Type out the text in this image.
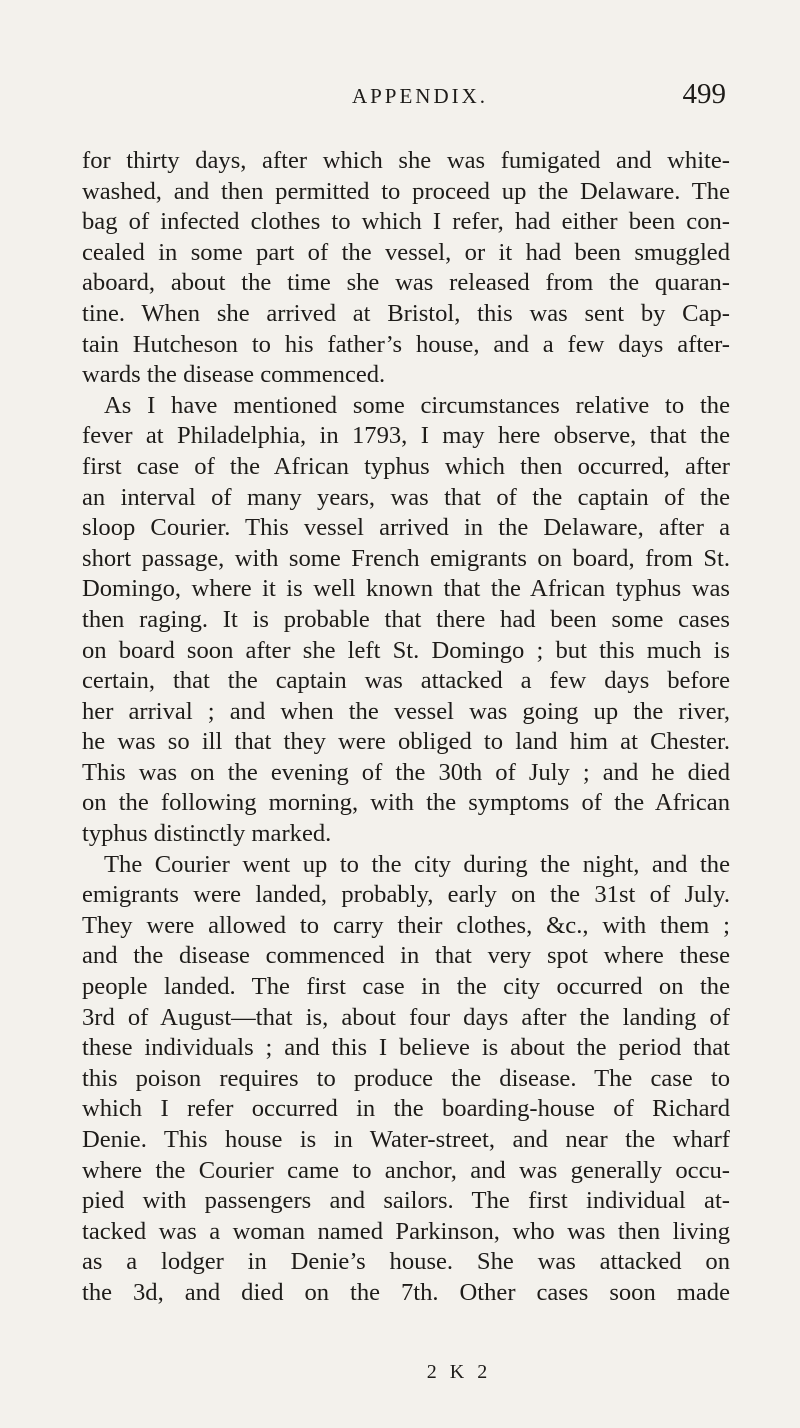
APPENDIX.	499
for thirty days, after which she was fumigated and white-
washed, and then permitted to proceed up the Delaware. The
bag of infected clothes to which I refer, had either been con-
cealed in some part of the vessel, or it had been smuggled
aboard, about the time she was released from the quaran-
tine. When she arrived at Bristol, this was sent by Cap-
tain Hutcheson to his father’s house, and a few days after-
wards the disease commenced.
As I have mentioned some circumstances relative to the
fever at Philadelphia, in 1793, I may here observe, that the
first case of the African typhus which then occurred, after
an interval of many years, was that of the captain of the
sloop Courier. This vessel arrived in the Delaware, after a
short passage, with some French emigrants on board, from St.
Domingo, where it is well known that the African typhus was
then raging. It is probable that there had been some cases
on board soon after she left St. Domingo ; but this much is
certain, that the captain was attacked a few days before
her arrival ; and when the vessel was going up the river,
he was so ill that they were obliged to land him at Chester.
This was on the evening of the 30th of July ; and he died
on the following morning, with the symptoms of the African
typhus distinctly marked.
The Courier went up to the city during the night, and the
emigrants were landed, probably, early on the 31st of July.
They were allowed to carry their clothes, &c., with them ;
and the disease commenced in that very spot where these
people landed. The first case in the city occurred on the
3rd of August—that is, about four days after the landing of
these individuals ; and this I believe is about the period that
this poison requires to produce the disease. The case to
which I refer occurred in the boarding-house of Richard
Denie. This house is in Water-street, and near the wharf
where the Courier came to anchor, and was generally occu-
pied with passengers and sailors. The first individual at-
tacked was a woman named Parkinson, who was then living
as a lodger in Denie’s house. She was attacked on
the 3d, and died on the 7th. Other cases soon made
2 K 2
